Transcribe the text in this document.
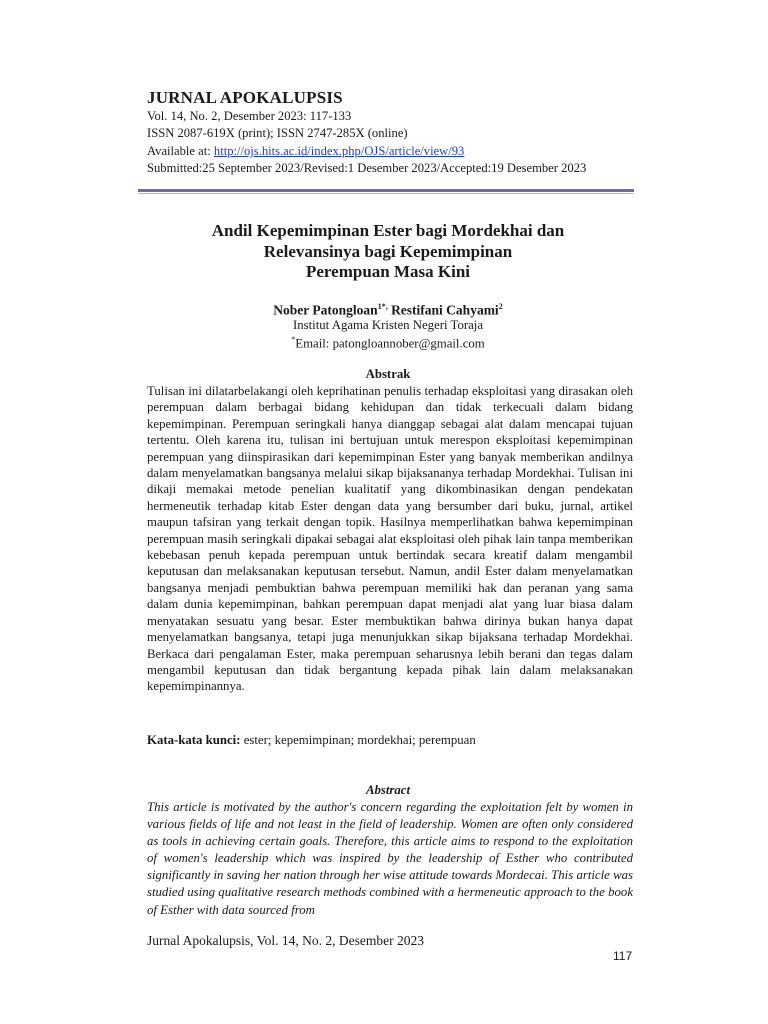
JURNAL APOKALUPSIS
Vol. 14, No. 2, Desember 2023: 117-133
ISSN 2087-619X (print); ISSN 2747-285X (online)
Available at: http://ojs.hits.ac.id/index.php/OJS/article/view/93
Submitted:25 September 2023/Revised:1 Desember 2023/Accepted:19 Desember 2023
Andil Kepemimpinan Ester bagi Mordekhai dan
Relevansinya bagi Kepemimpinan
Perempuan Masa Kini
Nober Patongloan$^{1*,}$ Restifani Cahyami$^2$
Institut Agama Kristen Negeri Toraja
*Email: patongloannober@gmail.com
Abstrak
Tulisan ini dilatarbelakangi oleh keprihatinan penulis terhadap eksploitasi yang dirasakan oleh perempuan dalam berbagai bidang kehidupan dan tidak terkecuali dalam bidang kepemimpinan. Perempuan seringkali hanya dianggap sebagai alat dalam mencapai tujuan tertentu. Oleh karena itu, tulisan ini bertujuan untuk merespon eksploitasi kepemimpinan perempuan yang diinspirasikan dari kepemimpinan Ester yang banyak memberikan andilnya dalam menyelamatkan bangsanya melalui sikap bijaksananya terhadap Mordekhai. Tulisan ini dikaji memakai metode penelian kualitatif yang dikombinasikan dengan pendekatan hermeneutik terhadap kitab Ester dengan data yang bersumber dari buku, jurnal, artikel maupun tafsiran yang terkait dengan topik. Hasilnya memperlihatkan bahwa kepemimpinan perempuan masih seringkali dipakai sebagai alat eksploitasi oleh pihak lain tanpa memberikan kebebasan penuh kepada perempuan untuk bertindak secara kreatif dalam mengambil keputusan dan melaksanakan keputusan tersebut. Namun, andil Ester dalam menyelamatkan bangsanya menjadi pembuktian bahwa perempuan memiliki hak dan peranan yang sama dalam dunia kepemimpinan, bahkan perempuan dapat menjadi alat yang luar biasa dalam menyatakan sesuatu yang besar. Ester membuktikan bahwa dirinya bukan hanya dapat menyelamatkan bangsanya, tetapi juga menunjukkan sikap bijaksana terhadap Mordekhai. Berkaca dari pengalaman Ester, maka perempuan seharusnya lebih berani dan tegas dalam mengambil keputusan dan tidak bergantung kepada pihak lain dalam melaksanakan kepemimpinannya.
Kata-kata kunci: ester; kepemimpinan; mordekhai; perempuan
Abstract
This article is motivated by the author's concern regarding the exploitation felt by women in various fields of life and not least in the field of leadership. Women are often only considered as tools in achieving certain goals. Therefore, this article aims to respond to the exploitation of women's leadership which was inspired by the leadership of Esther who contributed significantly in saving her nation through her wise attitude towards Mordecai. This article was studied using qualitative research methods combined with a hermeneutic approach to the book of Esther with data sourced from
Jurnal Apokalupsis, Vol. 14, No. 2, Desember 2023
117
